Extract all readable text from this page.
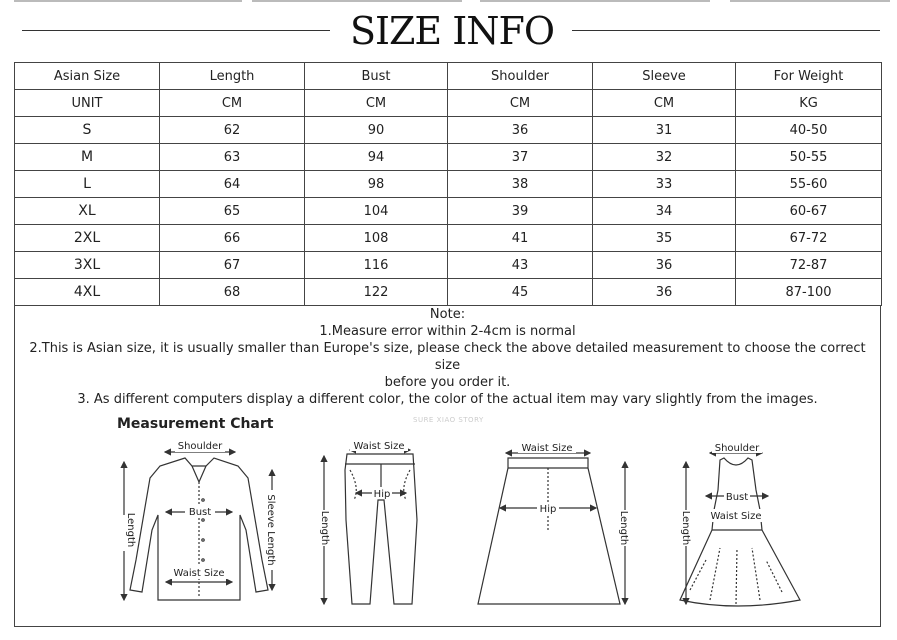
SIZE INFO
Asian Size	Length	Bust	Shoulder	Sleeve	For Weight
UNIT	CM	CM	CM	CM	KG
S	62	90	36	31	40-50
M	63	94	37	32	50-55
L	64	98	38	33	55-60
XL	65	104	39	34	60-67
2XL	66	108	41	35	67-72
3XL	67	116	43	36	72-87
4XL	68	122	45	36	87-100
Note:
1.Measure error within 2-4cm is normal
2.This is Asian size, it is usually smaller than Europe's size, please check the above detailed measurement to choose the correct size
before you order it.
3. As different computers display a different color, the color of the actual item may vary slightly from the images.
Measurement Chart	SURE XIAO STORY
Shoulder
Bust
Waist Size
Length	Sleeve Length
Waist Size
Hip
Length
Waist Size
Hip
Length
Shoulder
Bust
Waist Size
Length
